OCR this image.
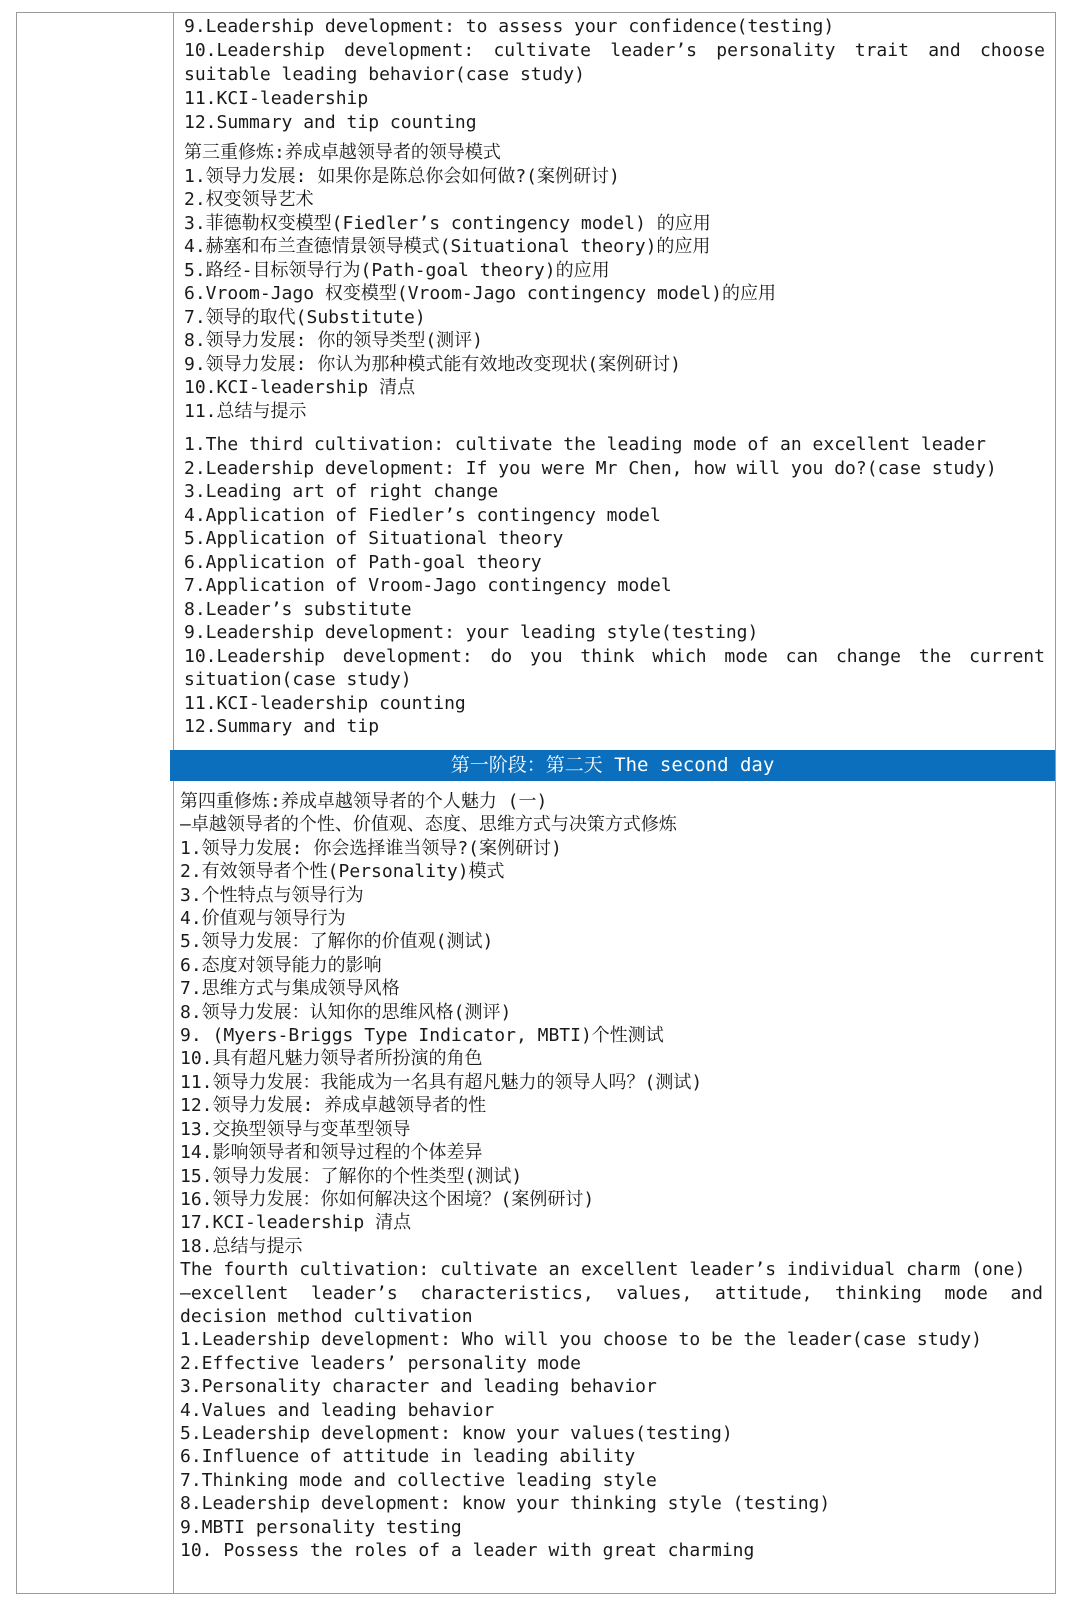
9.Leadership development: to assess your confidence(testing)
10.Leadership development: cultivate leader’s personality trait and choose suitable leading behavior(case study)
11.KCI-leadership
12.Summary and tip counting
第三重修炼:养成卓越领导者的领导模式
1.领导力发展: 如果你是陈总你会如何做?(案例研讨)
2.权变领导艺术
3.菲德勒权变模型(Fiedler’s contingency model) 的应用
4.赫塞和布兰查德情景领导模式(Situational theory)的应用
5.路经-目标领导行为(Path-goal theory)的应用
6.Vroom-Jago 权变模型(Vroom-Jago contingency model)的应用
7.领导的取代(Substitute)
8.领导力发展: 你的领导类型(测评)
9.领导力发展: 你认为那种模式能有效地改变现状(案例研讨)
10.KCI-leadership 清点
11.总结与提示
1.The third cultivation: cultivate the leading mode of an excellent leader
2.Leadership development: If you were Mr Chen, how will you do?(case study)
3.Leading art of right change
4.Application of Fiedler’s contingency model
5.Application of Situational theory
6.Application of Path-goal theory
7.Application of Vroom-Jago contingency model
8.Leader’s substitute
9.Leadership development: your leading style(testing)
10.Leadership development: do you think which mode can change the current situation(case study)
11.KCI-leadership counting
12.Summary and tip
第一阶段：第二天 The second day
第四重修炼:养成卓越领导者的个人魅力 (一)
—卓越领导者的个性、价值观、态度、思维方式与决策方式修炼
1.领导力发展: 你会选择谁当领导?(案例研讨)
2.有效领导者个性(Personality)模式
3.个性特点与领导行为
4.价值观与领导行为
5.领导力发展：了解你的价值观(测试)
6.态度对领导能力的影响
7.思维方式与集成领导风格
8.领导力发展：认知你的思维风格(测评)
9. (Myers-Briggs Type Indicator, MBTI)个性测试
10.具有超凡魅力领导者所扮演的角色
11.领导力发展：我能成为一名具有超凡魅力的领导人吗？(测试)
12.领导力发展: 养成卓越领导者的性
13.交换型领导与变革型领导
14.影响领导者和领导过程的个体差异
15.领导力发展：了解你的个性类型(测试)
16.领导力发展：你如何解决这个困境？(案例研讨)
17.KCI-leadership 清点
18.总结与提示
The fourth cultivation: cultivate an excellent leader’s individual charm (one)
—excellent leader’s characteristics, values, attitude, thinking mode and decision method cultivation
1.Leadership development: Who will you choose to be the leader(case study)
2.Effective leaders’ personality mode
3.Personality character and leading behavior
4.Values and leading behavior
5.Leadership development: know your values(testing)
6.Influence of attitude in leading ability
7.Thinking mode and collective leading style
8.Leadership development: know your thinking style (testing)
9.MBTI personality testing
10. Possess the roles of a leader with great charming
